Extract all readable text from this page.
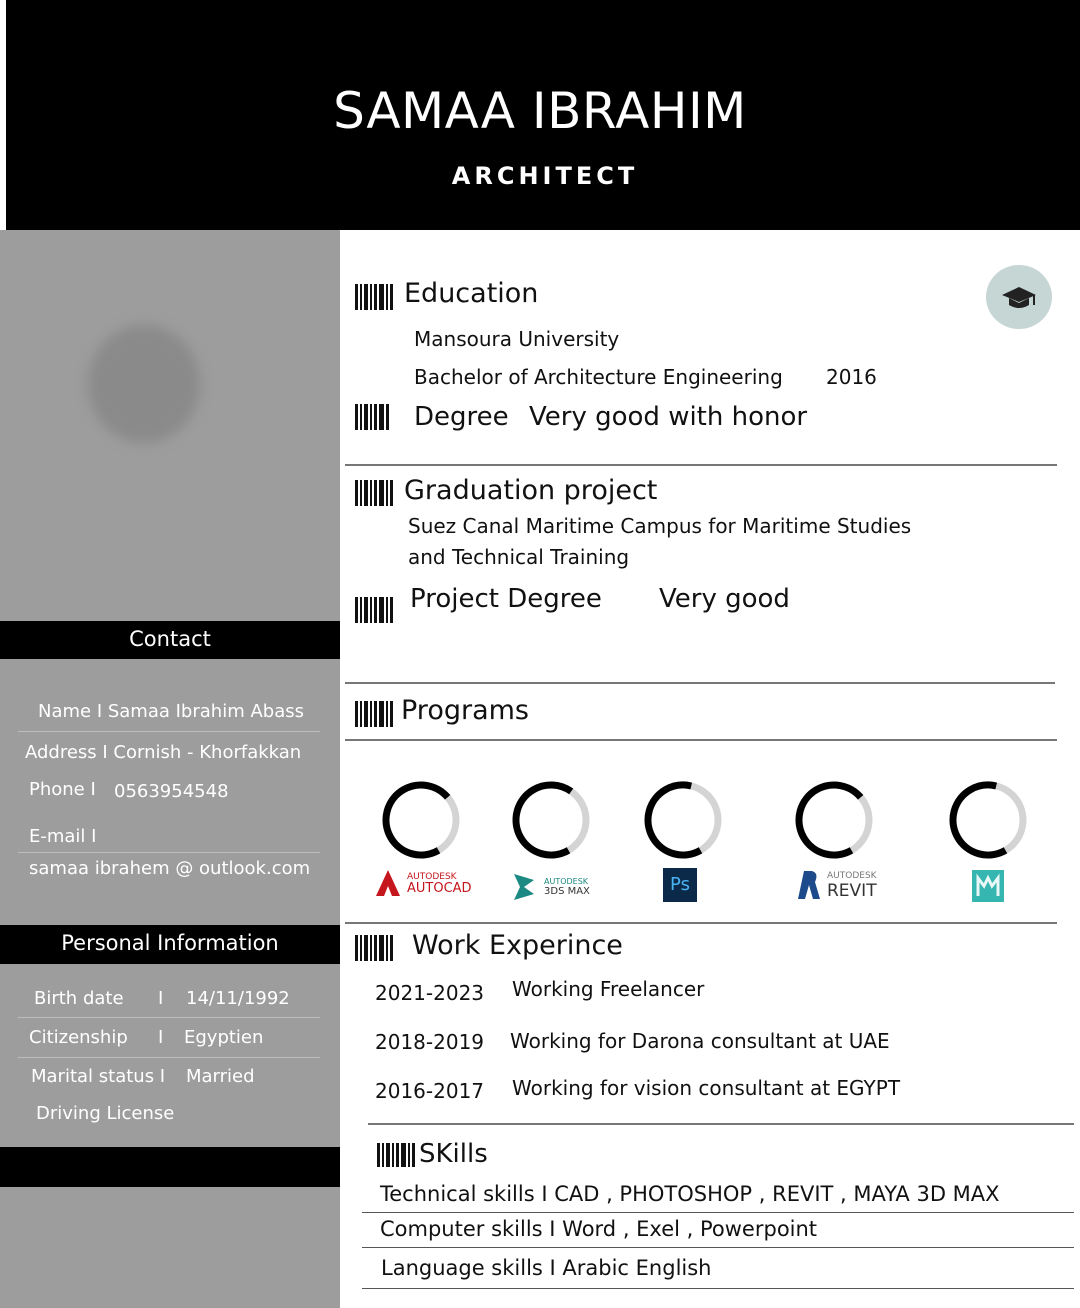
SAMAA IBRAHIM
ARCHITECT
Contact
Name I Samaa Ibrahim Abass
Address I Cornish - Khorfakkan
Phone I 0563954548
E-mail I
samaa ibrahem @ outlook.com
Personal Information
Birth date I 14/11/1992
Citizenship I Egyptien
Marital status I Married
Driving License
Education
Mansoura University
Bachelor of Architecture Engineering 2016
Degree Very good with honor
Graduation project
Suez Canal Maritime Campus for Maritime Studies
and Technical Training
Project Degree Very good
Programs
AUTODESK
AUTOCAD	AUTODESK
3DS MAX	Ps	AUTODESK
REVIT
Work Experince
2021-2023 Working Freelancer
2018-2019 Working for Darona consultant at UAE
2016-2017 Working for vision consultant at EGYPT
SKills
Technical skills I CAD , PHOTOSHOP , REVIT , MAYA 3D MAX
Computer skills I Word , Exel , Powerpoint
Language skills I Arabic English
